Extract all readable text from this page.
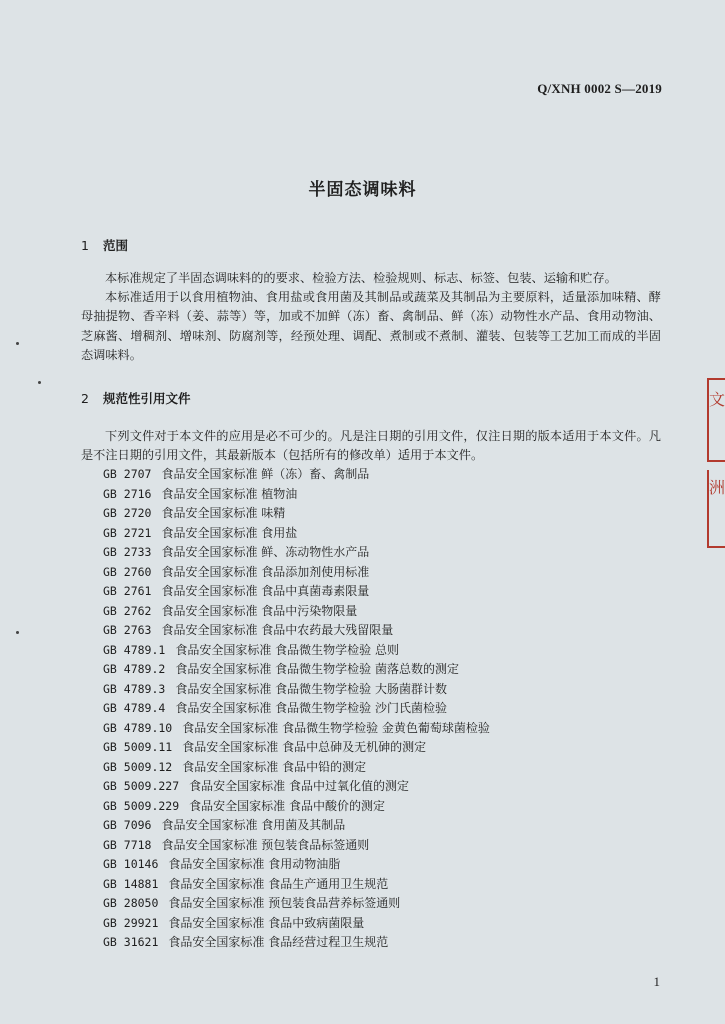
Q/XNH 0002 S—2019
半固态调味料
1 范围

本标准规定了半固态调味料的的要求、检验方法、检验规则、标志、标签、包装、运输和贮存。

本标准适用于以食用植物油、食用盐或食用菌及其制品或蔬菜及其制品为主要原料，适量添加味精、酵母抽提物、香辛料（姜、蒜等）等，加或不加鲜（冻）畜、禽制品、鲜（冻）动物性水产品、食用动物油、芝麻酱、增稠剂、增味剂、防腐剂等，经预处理、调配、煮制或不煮制、灌装、包装等工艺加工而成的半固态调味料。

2 规范性引用文件

下列文件对于本文件的应用是必不可少的。凡是注日期的引用文件，仅注日期的版本适用于本文件。凡是不注日期的引用文件，其最新版本（包括所有的修改单）适用于本文件。

GB 2707 食品安全国家标准 鲜（冻）畜、禽制品
GB 2716 食品安全国家标准 植物油
GB 2720 食品安全国家标准 味精
GB 2721 食品安全国家标准 食用盐
GB 2733 食品安全国家标准 鲜、冻动物性水产品
GB 2760 食品安全国家标准 食品添加剂使用标准
GB 2761 食品安全国家标准 食品中真菌毒素限量
GB 2762 食品安全国家标准 食品中污染物限量
GB 2763 食品安全国家标准 食品中农药最大残留限量
GB 4789.1 食品安全国家标准 食品微生物学检验 总则
GB 4789.2 食品安全国家标准 食品微生物学检验 菌落总数的测定
GB 4789.3 食品安全国家标准 食品微生物学检验 大肠菌群计数
GB 4789.4 食品安全国家标准 食品微生物学检验 沙门氏菌检验
GB 4789.10 食品安全国家标准 食品微生物学检验 金黄色葡萄球菌检验
GB 5009.11 食品安全国家标准 食品中总砷及无机砷的测定
GB 5009.12 食品安全国家标准 食品中铅的测定
GB 5009.227 食品安全国家标准 食品中过氧化值的测定
GB 5009.229 食品安全国家标准 食品中酸价的测定
GB 7096 食品安全国家标准 食用菌及其制品
GB 7718 食品安全国家标准 预包装食品标签通则
GB 10146 食品安全国家标准 食用动物油脂
GB 14881 食品安全国家标准 食品生产通用卫生规范
GB 28050 食品安全国家标准 预包装食品营养标签通则
GB 29921 食品安全国家标准 食品中致病菌限量
GB 31621 食品安全国家标准 食品经营过程卫生规范
1
文
洲
